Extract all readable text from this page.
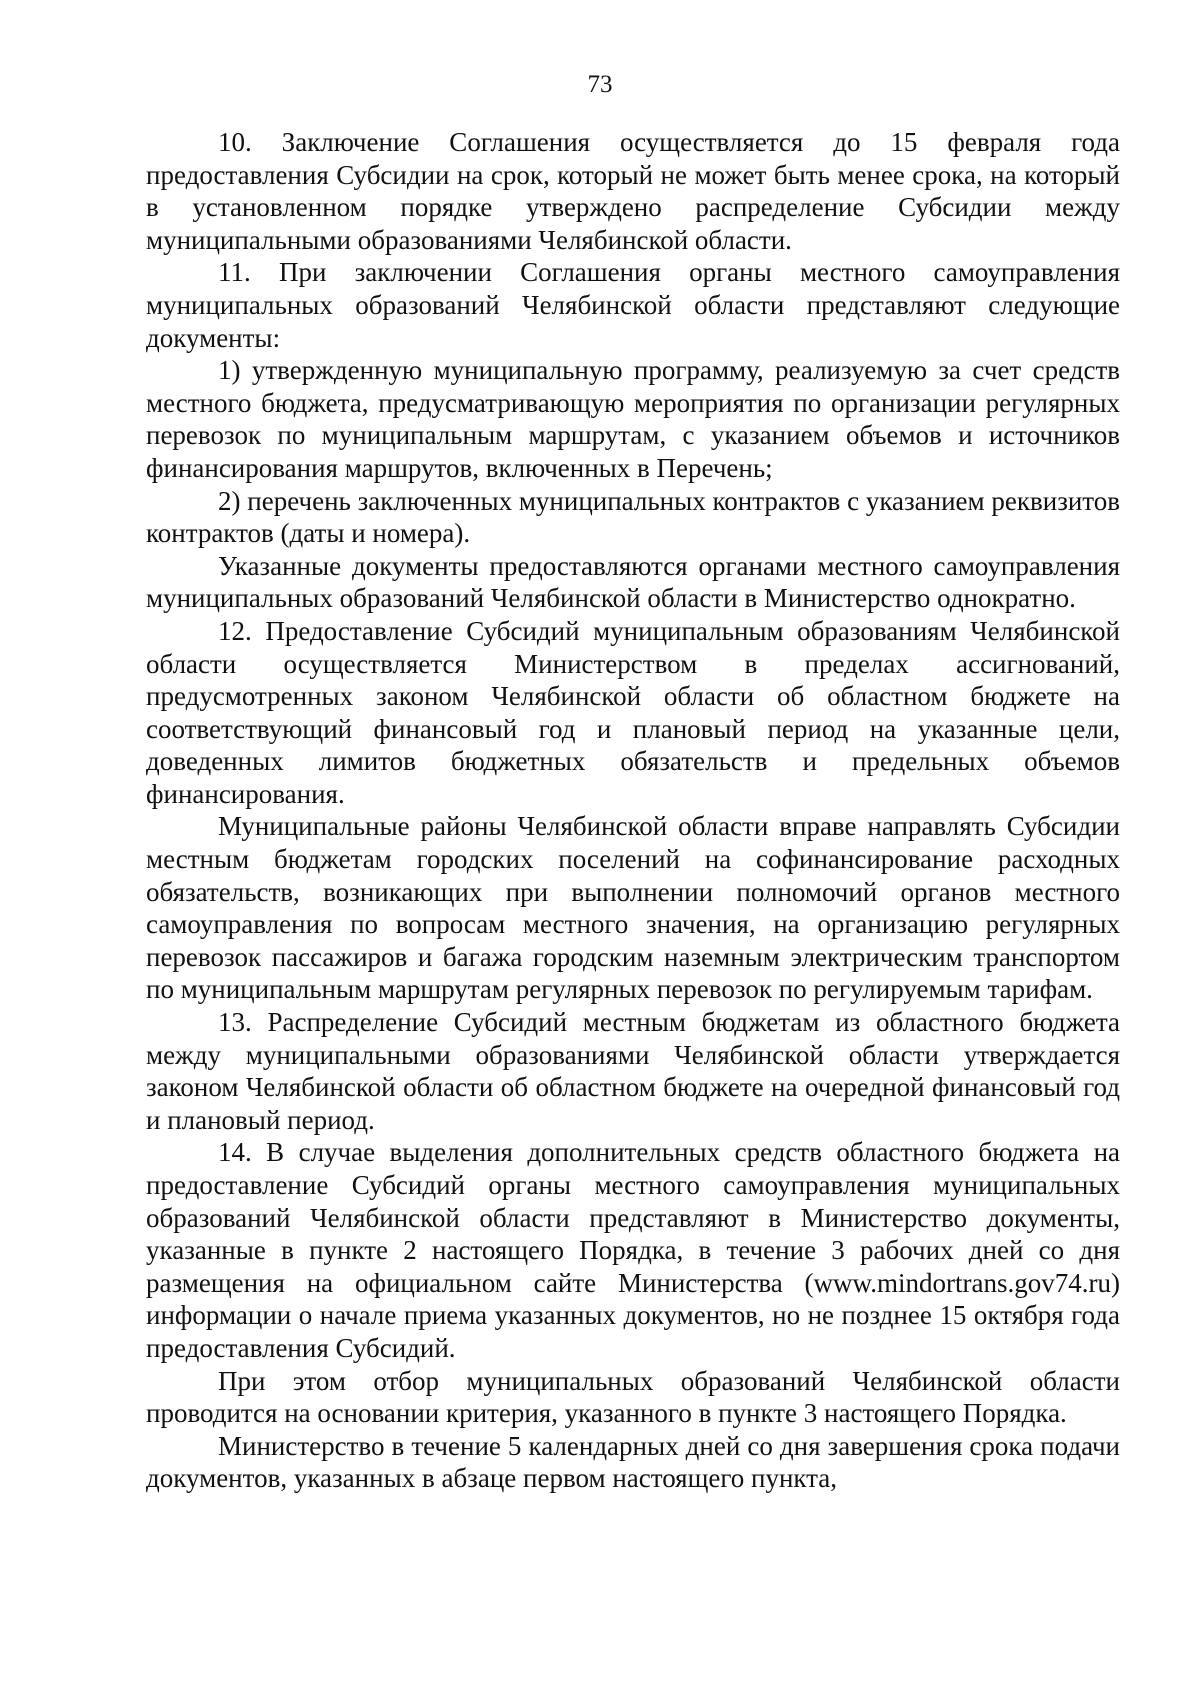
73

10. Заключение Соглашения осуществляется до 15 февраля года предоставления Субсидии на срок, который не может быть менее срока, на который в установленном порядке утверждено распределение Субсидии между муниципальными образованиями Челябинской области.

11. При заключении Соглашения органы местного самоуправления муниципальных образований Челябинской области представляют следующие документы:

1) утвержденную муниципальную программу, реализуемую за счет средств местного бюджета, предусматривающую мероприятия по организации регулярных перевозок по муниципальным маршрутам, с указанием объемов и источников финансирования маршрутов, включенных в Перечень;

2) перечень заключенных муниципальных контрактов с указанием реквизитов контрактов (даты и номера).

Указанные документы предоставляются органами местного самоуправления муниципальных образований Челябинской области в Министерство однократно.

12. Предоставление Субсидий муниципальным образованиям Челябинской области осуществляется Министерством в пределах ассигнований, предусмотренных законом Челябинской области об областном бюджете на соответствующий финансовый год и плановый период на указанные цели, доведенных лимитов бюджетных обязательств и предельных объемов финансирования.

Муниципальные районы Челябинской области вправе направлять Субсидии местным бюджетам городских поселений на софинансирование расходных обязательств, возникающих при выполнении полномочий органов местного самоуправления по вопросам местного значения, на организацию регулярных перевозок пассажиров и багажа городским наземным электрическим транспортом по муниципальным маршрутам регулярных перевозок по регулируемым тарифам.

13. Распределение Субсидий местным бюджетам из областного бюджета между муниципальными образованиями Челябинской области утверждается законом Челябинской области об областном бюджете на очередной финансовый год и плановый период.

14. В случае выделения дополнительных средств областного бюджета на предоставление Субсидий органы местного самоуправления муниципальных образований Челябинской области представляют в Министерство документы, указанные в пункте 2 настоящего Порядка, в течение 3 рабочих дней со дня размещения на официальном сайте Министерства (www.mindortrans.gov74.ru) информации о начале приема указанных документов, но не позднее 15 октября года предоставления Субсидий.

При этом отбор муниципальных образований Челябинской области проводится на основании критерия, указанного в пункте 3 настоящего Порядка.

Министерство в течение 5 календарных дней со дня завершения срока подачи документов, указанных в абзаце первом настоящего пункта,
